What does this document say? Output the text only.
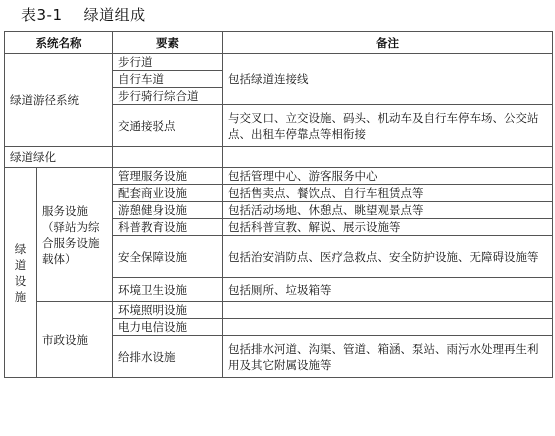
表3-1    绿道组成
系统名称		要素	备注
绿道游径系统		步行道	包括绿道连接线
		自行车道	
		步行骑行综合道	
		交通接驳点	与交叉口、立交设施、码头、机动车及自行车停车场、公交站点、出租车停靠点等相衔接
绿道绿化			
绿道设施	服务设施（驿站为综合服务设施载体）	管理服务设施	包括管理中心、游客服务中心
		配套商业设施	包括售卖点、餐饮点、自行车租赁点等
		游憩健身设施	包括活动场地、休憩点、眺望观景点等
		科普教育设施	包括科普宣教、解说、展示设施等
		安全保障设施	包括治安消防点、医疗急救点、安全防护设施、无障碍设施等
		环境卫生设施	包括厕所、垃圾箱等
	市政设施	环境照明设施	
		电力电信设施	
		给排水设施	包括排水河道、沟渠、管道、箱涵、泵站、雨污水处理再生利用及其它附属设施等
